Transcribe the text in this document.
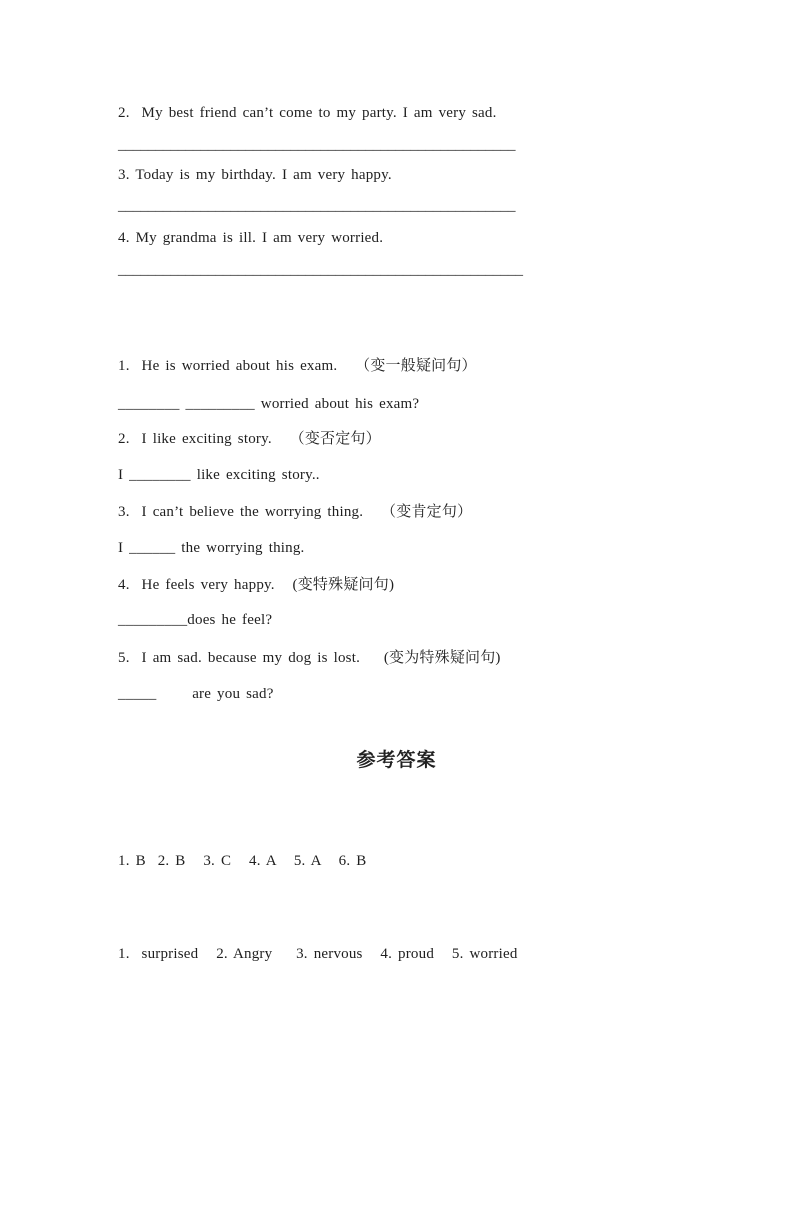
2.  My best friend can’t come to my party. I am very sad.

_____________________________________________________

3. Today is my birthday. I am very happy.

_____________________________________________________

4. My grandma is ill. I am very worried.

______________________________________________________

1.  He is worried about his exam.   （变一般疑问句）

________ _________ worried about his exam?

2.  I like exciting story.   （变否定句）

I ________ like exciting story..

3.  I can’t believe the worrying thing.   （变肯定句）

I ______ the worrying thing.

4.  He feels very happy.   (变特殊疑问句)

_________does he feel?

5.  I am sad. because my dog is lost.    (变为特殊疑问句)

_____      are you sad?

参考答案

1. B  2. B   3. C   4. A   5. A   6. B

1.  surprised   2. Angry    3. nervous   4. proud   5. worried
